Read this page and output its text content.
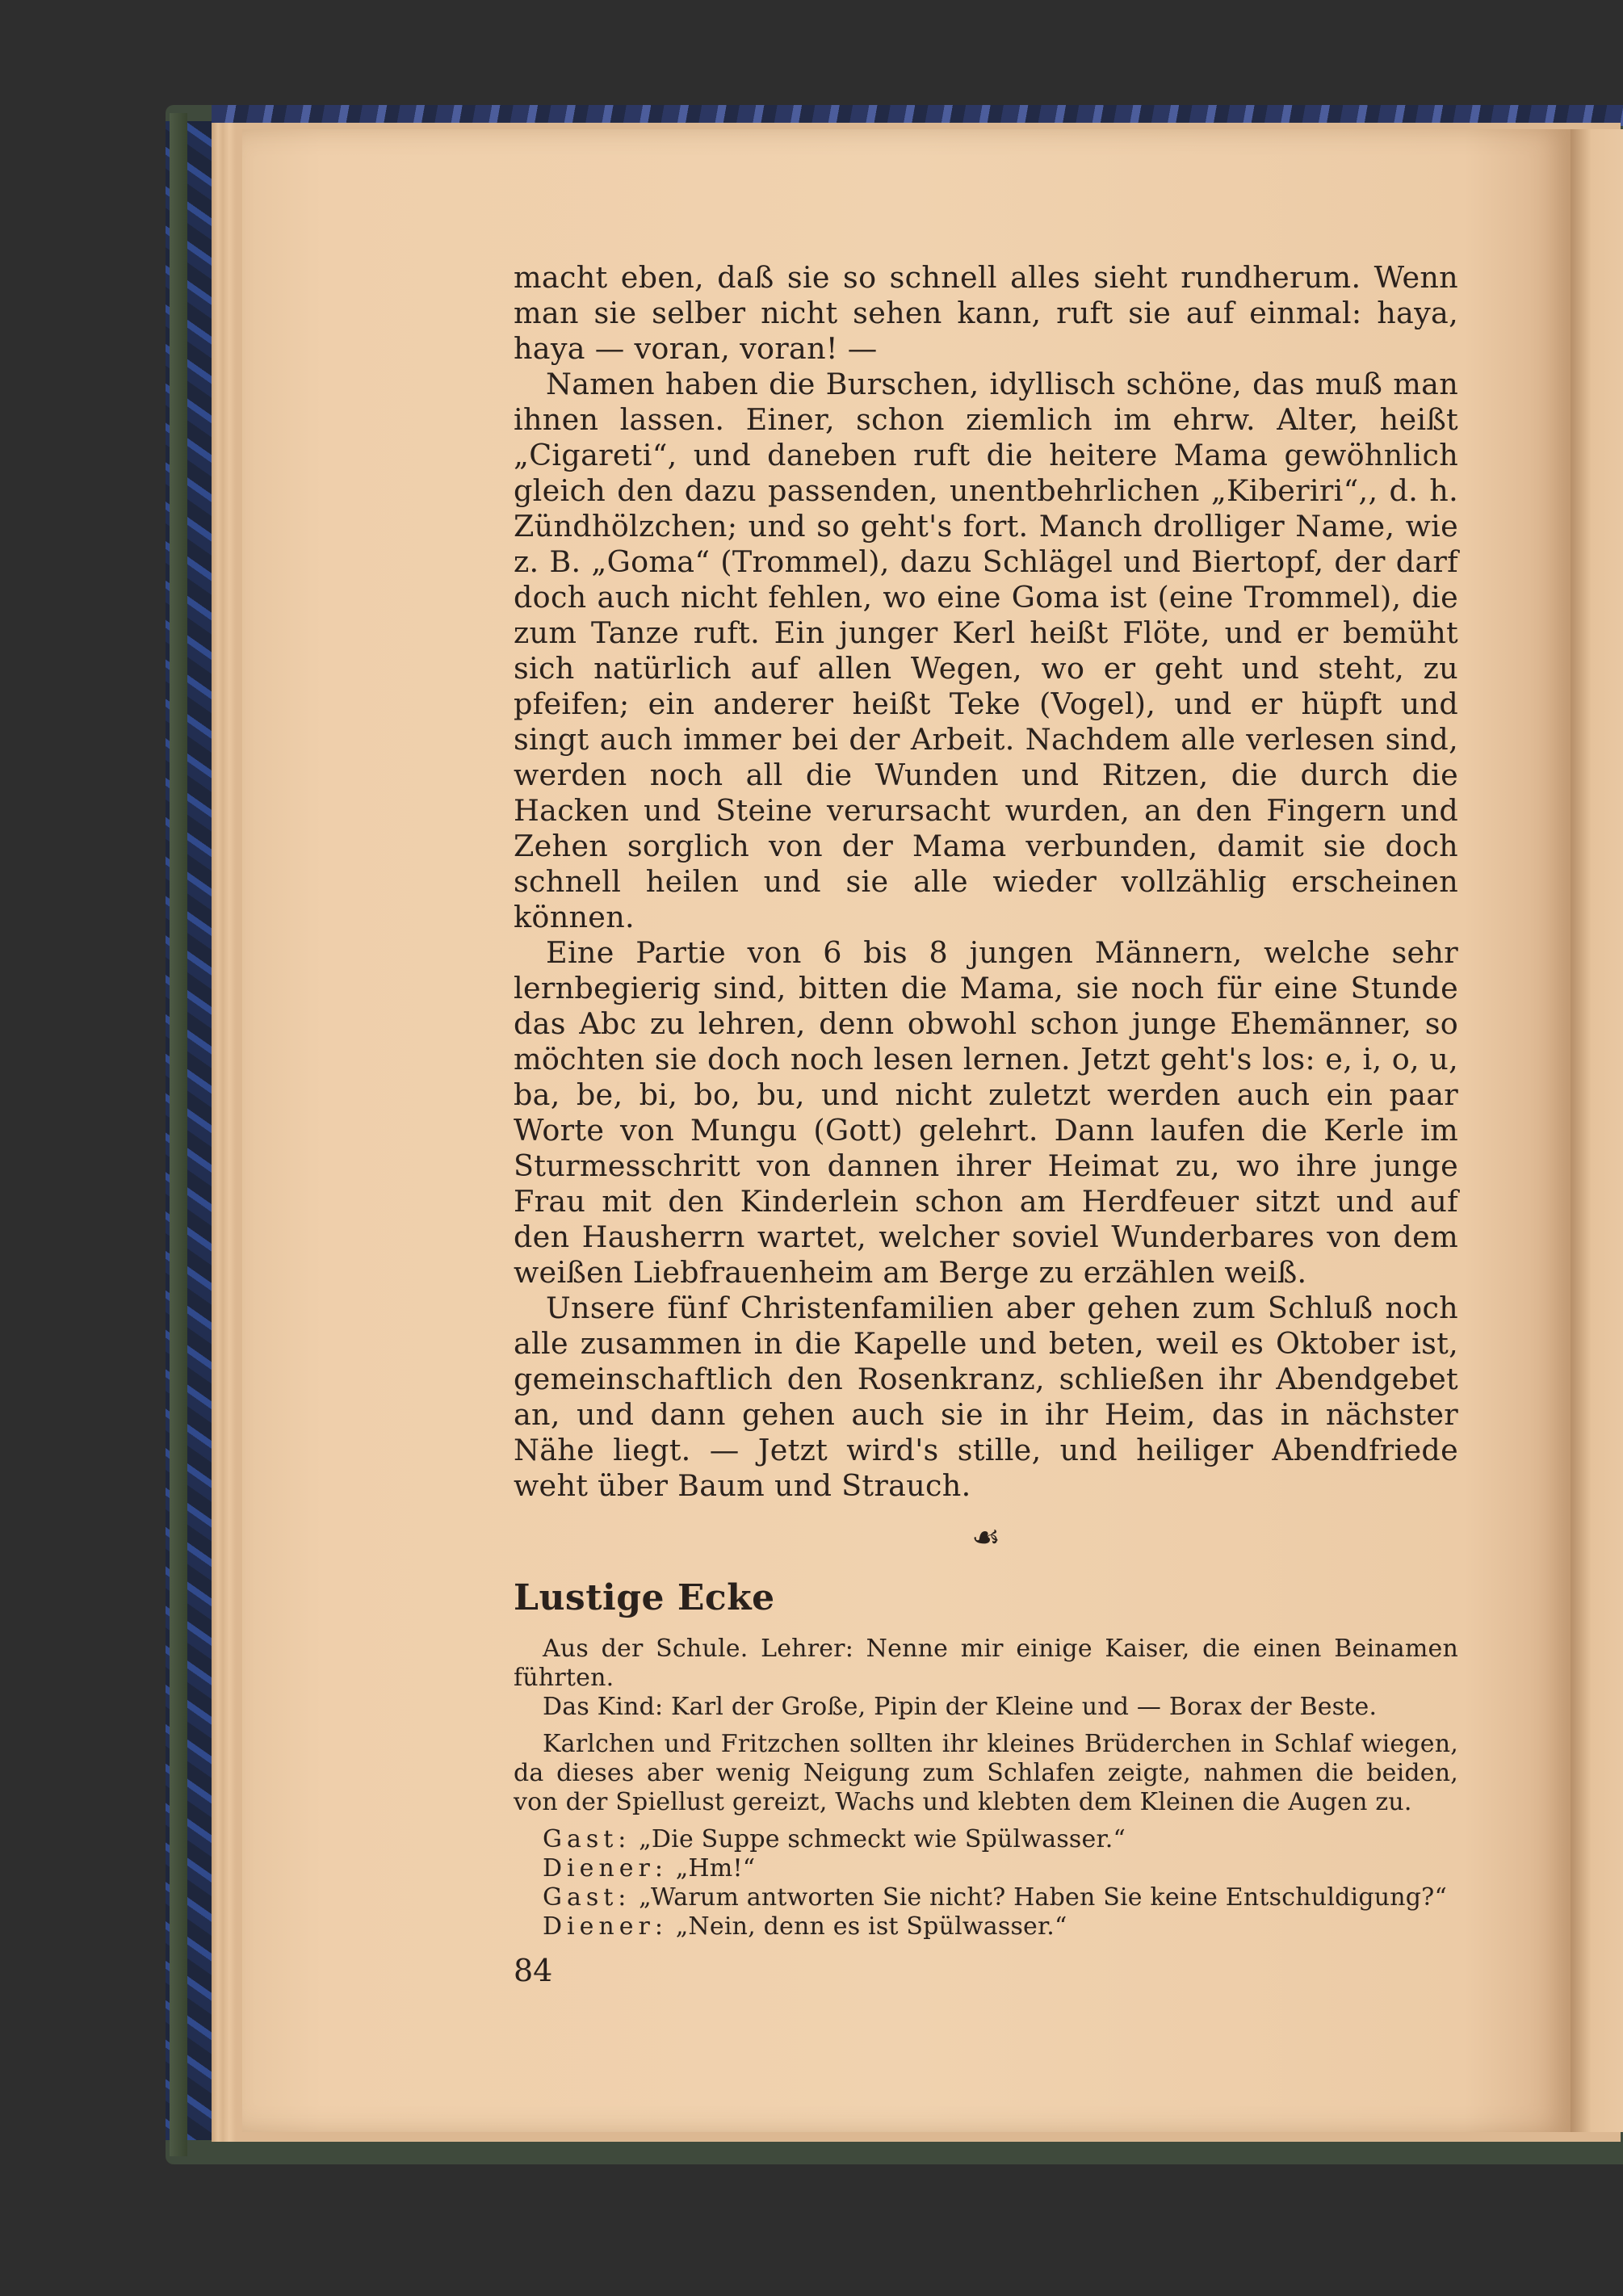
macht eben, daß sie so schnell alles sieht rundherum. Wenn man sie selber nicht sehen kann, ruft sie auf einmal: haya, haya — voran, voran! —

Namen haben die Burschen, idyllisch schöne, das muß man ihnen lassen. Einer, schon ziemlich im ehrw. Alter, heißt „Cigareti“, und daneben ruft die heitere Mama gewöhnlich gleich den dazu passenden, unentbehrlichen „Kiberiri“,, d. h. Zündhölzchen; und so geht's fort. Manch drolliger Name, wie z. B. „Goma“ (Trommel), dazu Schlägel und Biertopf, der darf doch auch nicht fehlen, wo eine Goma ist (eine Trommel), die zum Tanze ruft. Ein junger Kerl heißt Flöte, und er bemüht sich natürlich auf allen Wegen, wo er geht und steht, zu pfeifen; ein anderer heißt Teke (Vogel), und er hüpft und singt auch immer bei der Arbeit. Nachdem alle verlesen sind, werden noch all die Wunden und Ritzen, die durch die Hacken und Steine verursacht wurden, an den Fingern und Zehen sorglich von der Mama verbunden, damit sie doch schnell heilen und sie alle wieder vollzählig erscheinen können.

Eine Partie von 6 bis 8 jungen Männern, welche sehr lernbegierig sind, bitten die Mama, sie noch für eine Stunde das Abc zu lehren, denn obwohl schon junge Ehemänner, so möchten sie doch noch lesen lernen. Jetzt geht's los: e, i, o, u, ba, be, bi, bo, bu, und nicht zuletzt werden auch ein paar Worte von Mungu (Gott) gelehrt. Dann laufen die Kerle im Sturmesschritt von dannen ihrer Heimat zu, wo ihre junge Frau mit den Kinderlein schon am Herdfeuer sitzt und auf den Hausherrn wartet, welcher soviel Wunderbares von dem weißen Liebfrauenheim am Berge zu erzählen weiß.

Unsere fünf Christenfamilien aber gehen zum Schluß noch alle zusammen in die Kapelle und beten, weil es Oktober ist, gemeinschaftlich den Rosenkranz, schließen ihr Abendgebet an, und dann gehen auch sie in ihr Heim, das in nächster Nähe liegt. — Jetzt wird's stille, und heiliger Abendfriede weht über Baum und Strauch.

☙
Lustige Ecke

Aus der Schule. Lehrer: Nenne mir einige Kaiser, die einen Beinamen führten.

Das Kind: Karl der Große, Pipin der Kleine und — Borax der Beste.

Karlchen und Fritzchen sollten ihr kleines Brüderchen in Schlaf wiegen, da dieses aber wenig Neigung zum Schlafen zeigte, nahmen die beiden, von der Spiellust gereizt, Wachs und klebten dem Kleinen die Augen zu.

Gast: „Die Suppe schmeckt wie Spülwasser.“

Diener: „Hm!“

Gast: „Warum antworten Sie nicht? Haben Sie keine Entschuldigung?“

Diener: „Nein, denn es ist Spülwasser.“

84
